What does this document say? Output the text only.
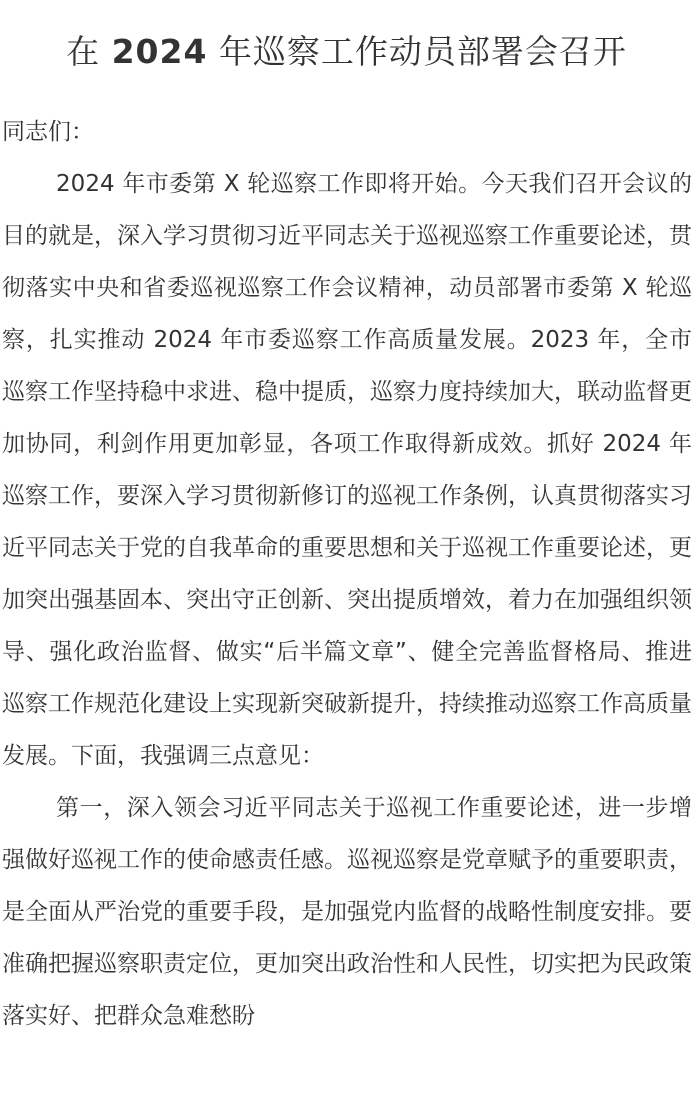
在 2024 年巡察工作动员部署会召开

同志们：

2024 年市委第 X 轮巡察工作即将开始。今天我们召开会议的目的就是，深入学习贯彻习近平同志关于巡视巡察工作重要论述，贯彻落实中央和省委巡视巡察工作会议精神，动员部署市委第 X 轮巡察，扎实推动 2024 年市委巡察工作高质量发展。2023 年，全市巡察工作坚持稳中求进、稳中提质，巡察力度持续加大，联动监督更加协同，利剑作用更加彰显，各项工作取得新成效。抓好 2024 年巡察工作，要深入学习贯彻新修订的巡视工作条例，认真贯彻落实习近平同志关于党的自我革命的重要思想和关于巡视工作重要论述，更加突出强基固本、突出守正创新、突出提质增效，着力在加强组织领导、强化政治监督、做实“后半篇文章”、健全完善监督格局、推进巡察工作规范化建设上实现新突破新提升，持续推动巡察工作高质量发展。下面，我强调三点意见：

第一，深入领会习近平同志关于巡视工作重要论述，进一步增强做好巡视工作的使命感责任感。巡视巡察是党章赋予的重要职责，是全面从严治党的重要手段，是加强党内监督的战略性制度安排。要准确把握巡察职责定位，更加突出政治性和人民性，切实把为民政策落实好、把群众急难愁盼
